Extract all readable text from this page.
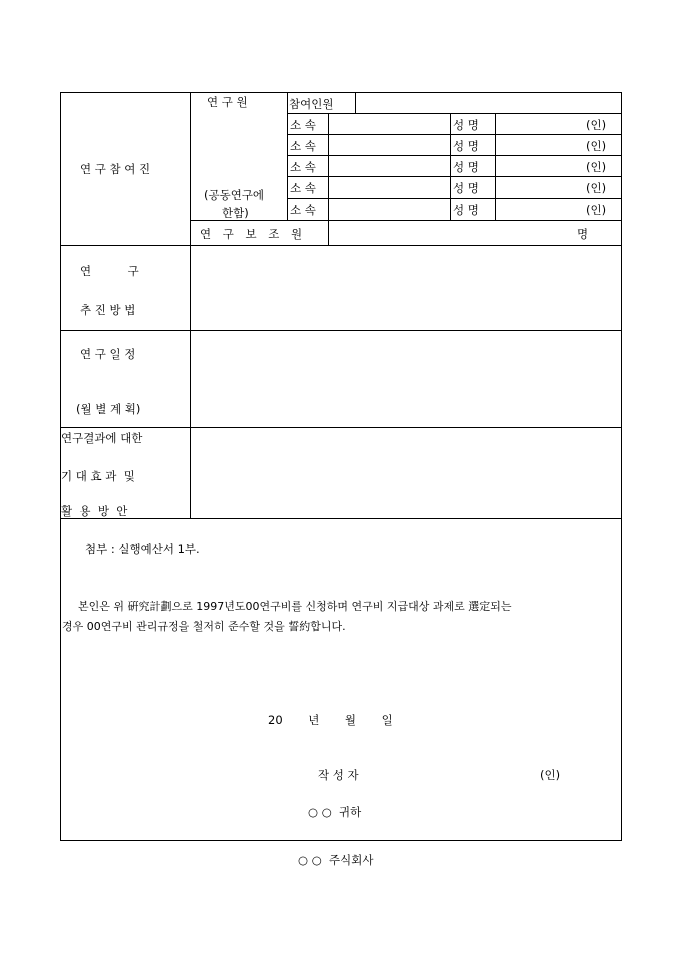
연 구 참 여 진
연 구 원
(공동연구에
한함)
참여인원
소 속	성 명	(인)
소 속	성 명	(인)
소 속	성 명	(인)
소 속	성 명	(인)
소 속	성 명	(인)
연 구 보 조 원	명
연          구
추 진 방 법
연 구 일 정
(월 별 계 획)
연구결과에 대한
기 대 효 과  및
활  용  방  안
첨부 : 실행예산서 1부.
본인은 위 硏究計劃으로 1997년도00연구비를 신청하며 연구비 지급대상 과제로 選定되는
경우 00연구비 관리규정을 철저히 준수할 것을 誓約합니다.
20       년       월       일
작 성 자	(인)
○ ○  귀하
○ ○  주식회사
